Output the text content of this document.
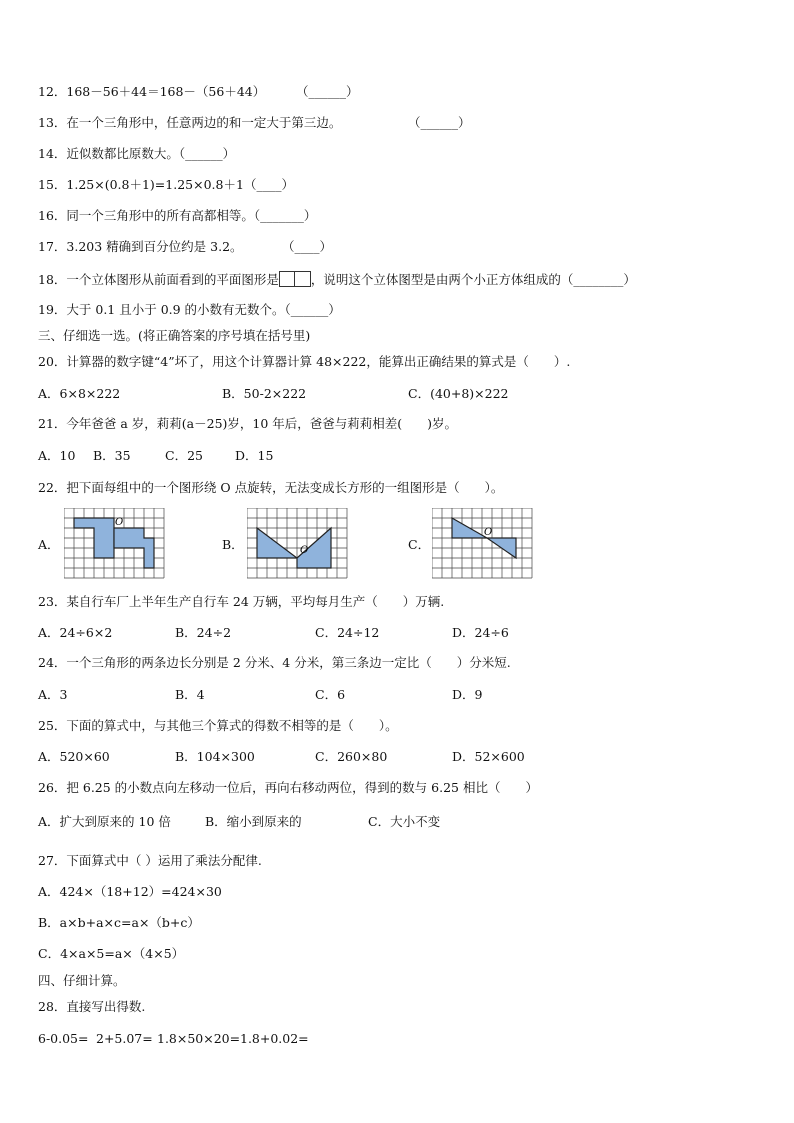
12．168－56＋44＝168－（56＋44） （______）
13．在一个三角形中，任意两边的和一定大于第三边。	（______）
14．近似数都比原数大。（______）
15．1.25×(0.8＋1)=1.25×0.8＋1 （____）
16．同一个三角形中的所有高都相等。（_______）
17．3.203 精确到百分位约是 3.2。	（____）
18．一个立体图形从前面看到的平面图形是	，说明这个立体图型是由两个小正方体组成的（________）
19．大于 0.1 且小于 0.9 的小数有无数个。（______）
三、仔细选一选。(将正确答案的序号填在括号里)
20．计算器的数字键“4”坏了，用这个计算器计算 48×222，能算出正确结果的算式是（　　）.
A．6×8×222	B．50-2×222	C．(40+8)×222
21．今年爸爸 a 岁，莉莉(a－25)岁，10 年后，爸爸与莉莉相差(　　)岁。
A．10 B．35	C．25	D．15
22．把下面每组中的一个图形绕 O 点旋转，无法变成长方形的一组图形是（　　）。
A．
O
B．	O	C．
O
23．某自行车厂上半年生产自行车 24 万辆，平均每月生产（　　）万辆.
A．24÷6×2	B．24÷2	C．24÷12	D．24÷6
24．一个三角形的两条边长分别是 2 分米、4 分米，第三条边一定比（　　）分米短.
A．3	B．4	C．6	D．9
25．下面的算式中，与其他三个算式的得数不相等的是（　　）。
A．520×60	B．104×300	C．260×80	D．52×600
26．把 6.25 的小数点向左移动一位后，再向右移动两位，得到的数与 6.25 相比（　　）
A．扩大到原来的 10 倍	B．缩小到原来的	C．大小不变
27．下面算式中（ ）运用了乘法分配律.
A．424×（18+12）=424×30
B．a×b+a×c=a×（b+c）
C．4×a×5=a×（4×5）
四、仔细计算。
28．直接写出得数.
6-0.05= 2+5.07= 1.8×50×20= 1.8+0.02=
